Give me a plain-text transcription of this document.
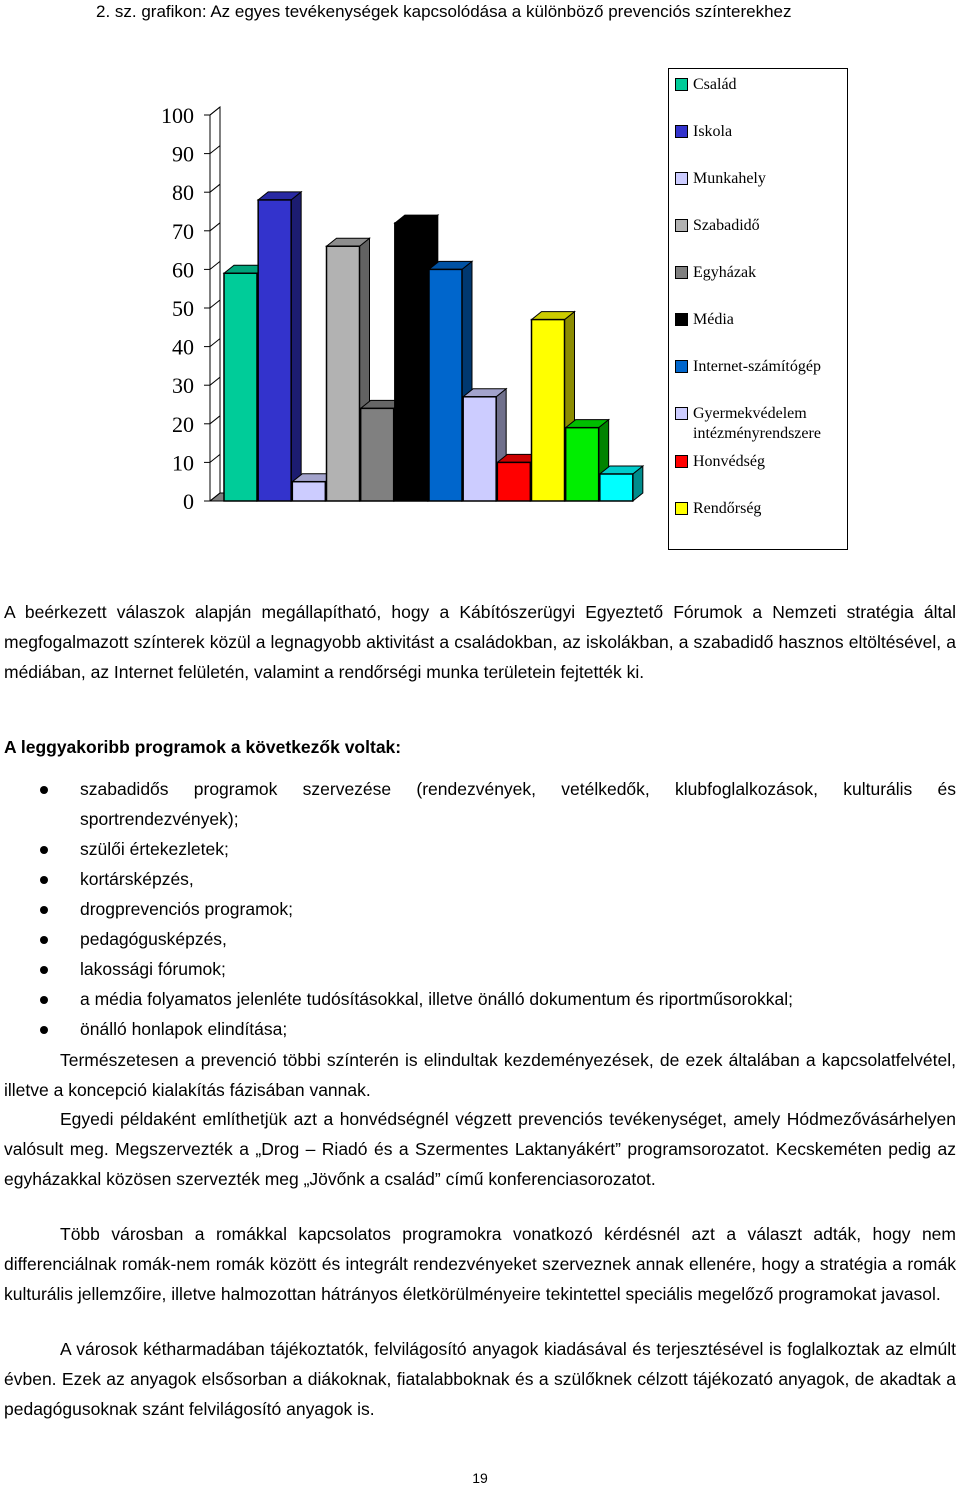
2. sz. grafikon: Az egyes tevékenységek kapcsolódása a különböző prevenciós színterekhez
0
10
20
30
40
50
60
70
80
90
100
Család
Iskola
Munkahely
Szabadidő
Egyházak
Média
Internet-számítógép
Gyermekvédelem
intézményrendszere
Honvédség
Rendőrség
A beérkezett válaszok alapján megállapítható, hogy a Kábítószerügyi Egyeztető Fórumok a Nemzeti stratégia által megfogalmazott színterek közül a legnagyobb aktivitást a családokban, az iskolákban, a szabadidő hasznos eltöltésével, a médiában, az Internet felületén, valamint a rendőrségi munka területein fejtették ki.
A leggyakoribb programok a következők voltak:
szabadidős programok szervezése (rendezvények, vetélkedők, klubfoglalkozások, kulturális és sportrendezvények);
szülői értekezletek;
kortársképzés,
drogprevenciós programok;
pedagógusképzés,
lakossági fórumok;
a média folyamatos jelenléte tudósításokkal, illetve önálló dokumentum és riportműsorokkal;
önálló honlapok elindítása;
Természetesen a prevenció többi színterén is elindultak kezdeményezések, de ezek általában a kapcsolatfelvétel, illetve a koncepció kialakítás fázisában vannak.
Egyedi példaként említhetjük azt a honvédségnél végzett prevenciós tevékenységet, amely Hódmezővásárhelyen valósult meg. Megszervezték a „Drog – Riadó és a Szermentes Laktanyákért” programsorozatot. Kecskeméten pedig az egyházakkal közösen szervezték meg „Jövőnk a család” című konferenciasorozatot.
Több városban a romákkal kapcsolatos programokra vonatkozó kérdésnél azt a választ adták, hogy nem differenciálnak romák-nem romák között és integrált rendezvényeket szerveznek annak ellenére, hogy a stratégia a romák kulturális jellemzőire, illetve halmozottan hátrányos életkörülményeire tekintettel speciális megelőző programokat javasol.
A városok kétharmadában tájékoztatók, felvilágosító anyagok kiadásával és terjesztésével is foglalkoztak az elmúlt évben. Ezek az anyagok elsősorban a diákoknak, fiatalabboknak és a szülőknek célzott tájékozató anyagok, de akadtak a pedagógusoknak szánt felvilágosító anyagok is.
19
